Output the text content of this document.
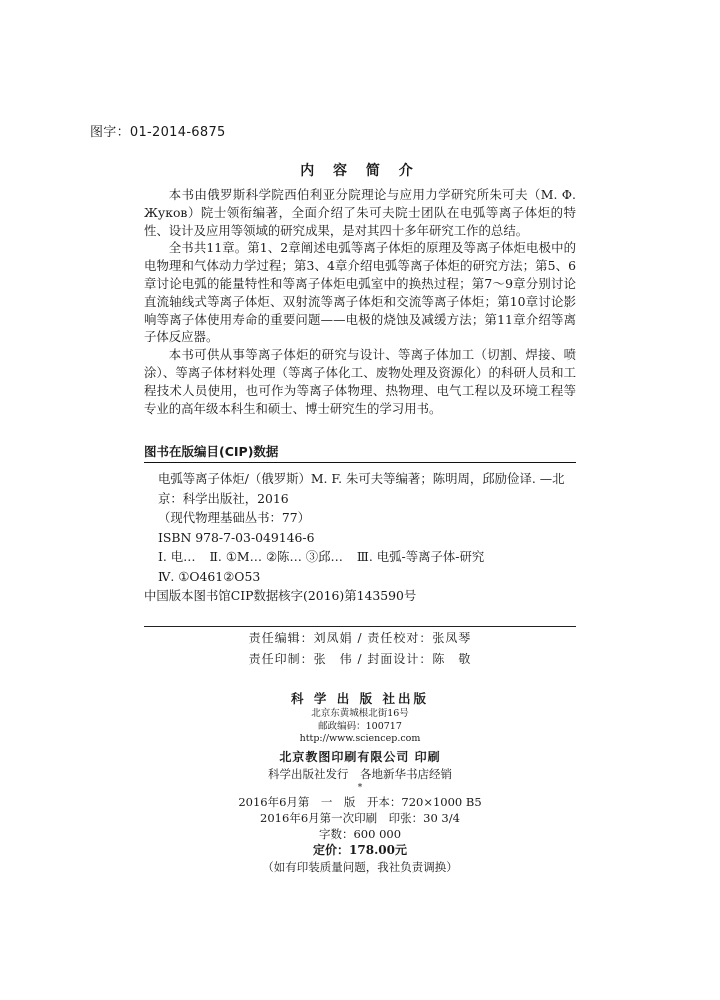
图字：01-2014-6875
内 容 简 介

本书由俄罗斯科学院西伯利亚分院理论与应用力学研究所朱可夫（M. Ф. Жуков）院士领衔编著，全面介绍了朱可夫院士团队在电弧等离子体炬的特性、设计及应用等领域的研究成果，是对其四十多年研究工作的总结。

全书共11章。第1、2章阐述电弧等离子体炬的原理及等离子体炬电极中的电物理和气体动力学过程；第3、4章介绍电弧等离子体炬的研究方法；第5、6章讨论电弧的能量特性和等离子体炬电弧室中的换热过程；第7～9章分别讨论直流轴线式等离子体炬、双射流等离子体炬和交流等离子体炬；第10章讨论影响等离子体使用寿命的重要问题——电极的烧蚀及减缓方法；第11章介绍等离子体反应器。

本书可供从事等离子体炬的研究与设计、等离子体加工（切割、焊接、喷涂）、等离子体材料处理（等离子体化工、废物处理及资源化）的科研人员和工程技术人员使用，也可作为等离子体物理、热物理、电气工程以及环境工程等专业的高年级本科生和硕士、博士研究生的学习用书。

图书在版编目(CIP)数据
电弧等离子体炬/（俄罗斯）M. F. 朱可夫等编著；陈明周，邱励俭译. —北京：科学出版社，2016
（现代物理基础丛书：77）
ISBN 978-7-03-049146-6
Ⅰ. 电… Ⅱ. ①M… ②陈… ③邱… Ⅲ. 电弧-等离子体-研究
Ⅳ. ①O461②O53
中国版本图书馆CIP数据核字(2016)第143590号
责任编辑：刘凤娟 / 责任校对：张凤琴
责任印制：张　伟 / 封面设计：陈　敬
科 学 出 版 社出版
北京东黄城根北街16号
邮政编码：100717
http://www.sciencep.com
北京教图印刷有限公司 印刷
科学出版社发行　各地新华书店经销
*
2016年6月第　一　版　开本：720×1000 B5
2016年6月第一次印刷　印张：30 3/4
字数：600 000
定价：178.00元
（如有印装质量问题，我社负责调换）
